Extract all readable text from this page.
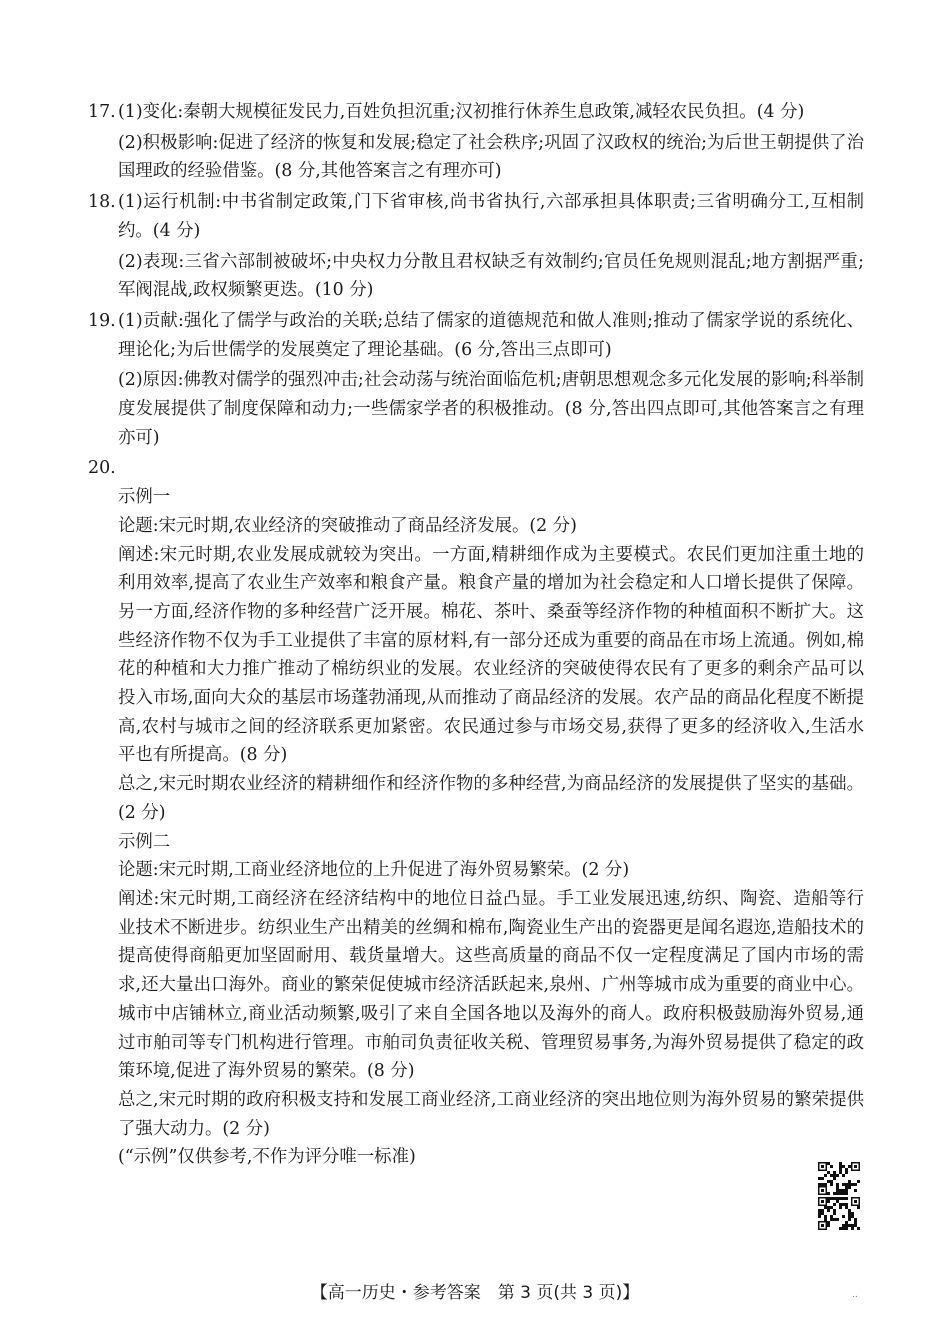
17. (1)变化:秦朝大规模征发民力,百姓负担沉重;汉初推行休养生息政策,减轻农民负担。(4 分)

(2)积极影响:促进了经济的恢复和发展;稳定了社会秩序;巩固了汉政权的统治;为后世王朝提供了治国理政的经验借鉴。(8 分,其他答案言之有理亦可)

18. (1)运行机制:中书省制定政策,门下省审核,尚书省执行,六部承担具体职责;三省明确分工,互相制约。(4 分)

(2)表现:三省六部制被破坏;中央权力分散且君权缺乏有效制约;官员任免规则混乱;地方割据严重;军阀混战,政权频繁更迭。(10 分)

19. (1)贡献:强化了儒学与政治的关联;总结了儒家的道德规范和做人准则;推动了儒家学说的系统化、理论化;为后世儒学的发展奠定了理论基础。(6 分,答出三点即可)

(2)原因:佛教对儒学的强烈冲击;社会动荡与统治面临危机;唐朝思想观念多元化发展的影响;科举制度发展提供了制度保障和动力;一些儒家学者的积极推动。(8 分,答出四点即可,其他答案言之有理亦可)

20.

示例一

论题:宋元时期,农业经济的突破推动了商品经济发展。(2 分)

阐述:宋元时期,农业发展成就较为突出。一方面,精耕细作成为主要模式。农民们更加注重土地的利用效率,提高了农业生产效率和粮食产量。粮食产量的增加为社会稳定和人口增长提供了保障。另一方面,经济作物的多种经营广泛开展。棉花、茶叶、桑蚕等经济作物的种植面积不断扩大。这些经济作物不仅为手工业提供了丰富的原材料,有一部分还成为重要的商品在市场上流通。例如,棉花的种植和大力推广推动了棉纺织业的发展。农业经济的突破使得农民有了更多的剩余产品可以投入市场,面向大众的基层市场蓬勃涌现,从而推动了商品经济的发展。农产品的商品化程度不断提高,农村与城市之间的经济联系更加紧密。农民通过参与市场交易,获得了更多的经济收入,生活水平也有所提高。(8 分)

总之,宋元时期农业经济的精耕细作和经济作物的多种经营,为商品经济的发展提供了坚实的基础。(2 分)

示例二

论题:宋元时期,工商业经济地位的上升促进了海外贸易繁荣。(2 分)

阐述:宋元时期,工商经济在经济结构中的地位日益凸显。手工业发展迅速,纺织、陶瓷、造船等行业技术不断进步。纺织业生产出精美的丝绸和棉布,陶瓷业生产出的瓷器更是闻名遐迩,造船技术的提高使得商船更加坚固耐用、载货量增大。这些高质量的商品不仅一定程度满足了国内市场的需求,还大量出口海外。商业的繁荣促使城市经济活跃起来,泉州、广州等城市成为重要的商业中心。城市中店铺林立,商业活动频繁,吸引了来自全国各地以及海外的商人。政府积极鼓励海外贸易,通过市舶司等专门机构进行管理。市舶司负责征收关税、管理贸易事务,为海外贸易提供了稳定的政策环境,促进了海外贸易的繁荣。(8 分)

总之,宋元时期的政府积极支持和发展工商业经济,工商业经济的突出地位则为海外贸易的繁荣提供了强大动力。(2 分)

(“示例”仅供参考,不作为评分唯一标准)

【高一历史・参考答案　第 3 页(共 3 页)】	..
